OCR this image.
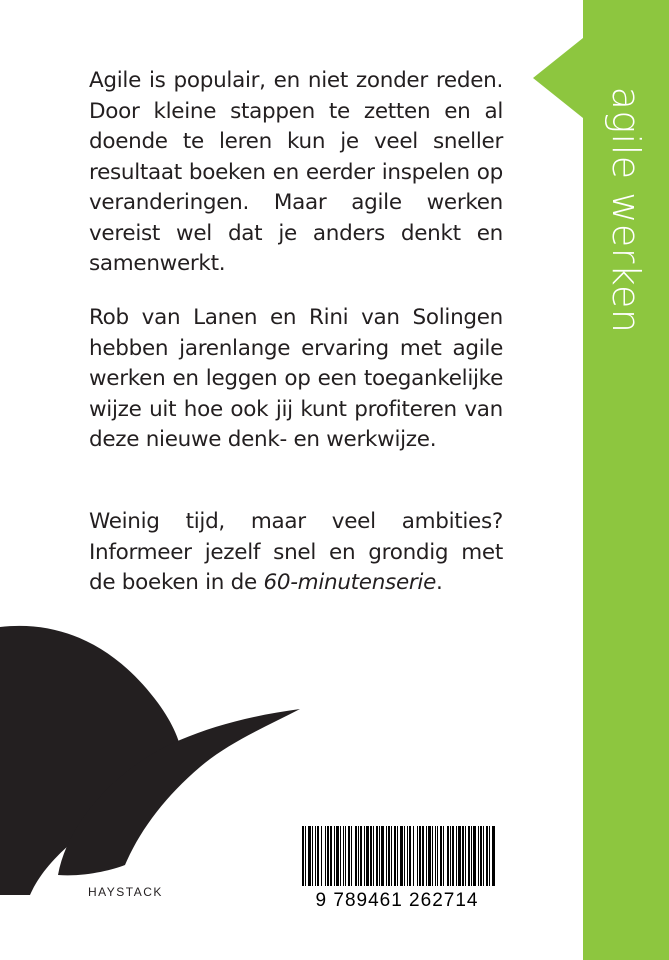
agile werken

Agile is populair, en niet zonder reden. Door kleine stappen te zetten en al doende te leren kun je veel sneller resultaat boeken en eerder inspelen op veranderingen. Maar agile werken vereist wel dat je anders denkt en samenwerkt.

Rob van Lanen en Rini van Solingen hebben jarenlange ervaring met agile werken en leggen op een toegankelijke wijze uit hoe ook jij kunt profiteren van deze nieuwe denk- en werkwijze.

Weinig tijd, maar veel ambities? Informeer jezelf snel en grondig met de boeken in de 60-minutenserie.

HAYSTACK	9 789461 262714
